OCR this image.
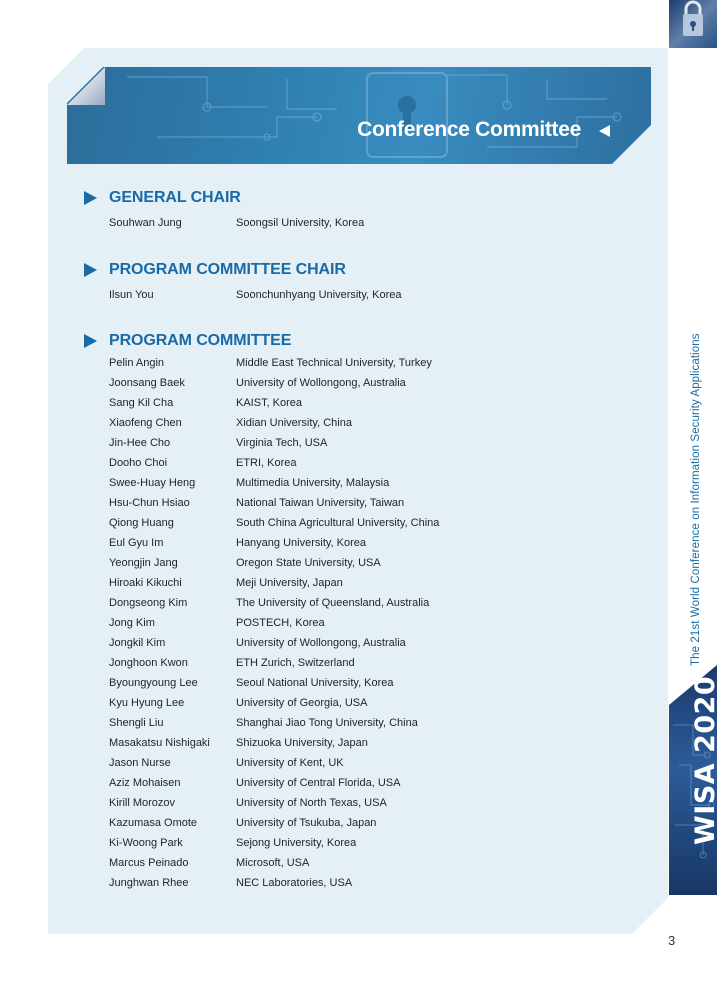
The 21st World Conference on Information Security Applications
WISA 2020
Conference Committee
GENERAL CHAIR
Souhwan Jung	Soongsil University, Korea
PROGRAM COMMITTEE CHAIR
Ilsun You	Soonchunhyang University, Korea
PROGRAM COMMITTEE
Pelin Angin	Middle East Technical University, Turkey
Joonsang Baek	University of Wollongong, Australia
Sang Kil Cha	KAIST, Korea
Xiaofeng Chen	Xidian University, China
Jin-Hee Cho	Virginia Tech, USA
Dooho Choi	ETRI, Korea
Swee-Huay Heng	Multimedia University, Malaysia
Hsu-Chun Hsiao	National Taiwan University, Taiwan
Qiong Huang	South China Agricultural University, China
Eul Gyu Im	Hanyang University, Korea
Yeongjin Jang	Oregon State University, USA
Hiroaki Kikuchi	Meji University, Japan
Dongseong Kim	The University of Queensland, Australia
Jong Kim	POSTECH, Korea
Jongkil Kim	University of Wollongong, Australia
Jonghoon Kwon	ETH Zurich, Switzerland
Byoungyoung Lee	Seoul National University, Korea
Kyu Hyung Lee	University of Georgia, USA
Shengli Liu	Shanghai Jiao Tong University, China
Masakatsu Nishigaki	Shizuoka University, Japan
Jason Nurse	University of Kent, UK
Aziz Mohaisen	University of Central Florida, USA
Kirill Morozov	University of North Texas, USA
Kazumasa Omote	University of Tsukuba, Japan
Ki-Woong Park	Sejong University, Korea
Marcus Peinado	Microsoft, USA
Junghwan Rhee	NEC Laboratories, USA
3
